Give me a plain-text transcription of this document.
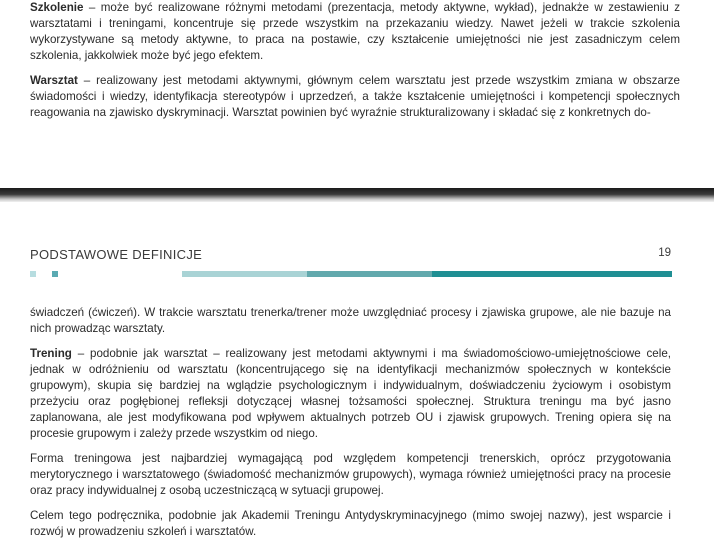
Szkolenie – może być realizowane różnymi metodami (prezentacja, metody aktywne, wykład), jednakże w zestawieniu z warsztatami i treningami, koncentruje się przede wszystkim na przekazaniu wiedzy. Nawet jeżeli w trakcie szkolenia wykorzystywane są metody aktywne, to praca na postawie, czy kształcenie umiejętności nie jest zasadniczym celem szkolenia, jakkolwiek może być jego efektem.

Warsztat – realizowany jest metodami aktywnymi, głównym celem warsztatu jest przede wszystkim zmiana w obszarze świadomości i wiedzy, identyfikacja stereotypów i uprzedzeń, a także kształcenie umiejętności i kompetencji społecznych reagowania na zjawisko dyskryminacji. Warsztat powinien być wyraźnie strukturalizowany i składać się z konkretnych do-

PODSTAWOWE DEFINICJE	19

świadczeń (ćwiczeń). W trakcie warsztatu trenerka/trener może uwzględniać procesy i zjawiska grupowe, ale nie bazuje na nich prowadząc warsztaty.

Trening – podobnie jak warsztat – realizowany jest metodami aktywnymi i ma świadomościowo-umiejętnościowe cele, jednak w odróżnieniu od warsztatu (koncentrującego się na identyfikacji mechanizmów społecznych w kontekście grupowym), skupia się bardziej na wglądzie psychologicznym i indywidualnym, doświadczeniu życiowym i osobistym przeżyciu oraz pogłębionej refleksji dotyczącej własnej tożsamości społecznej. Struktura treningu ma być jasno zaplanowana, ale jest modyfikowana pod wpływem aktualnych potrzeb OU i zjawisk grupowych. Trening opiera się na procesie grupowym i zależy przede wszystkim od niego.

Forma treningowa jest najbardziej wymagającą pod względem kompetencji trenerskich, oprócz przygotowania merytorycznego i warsztatowego (świadomość mechanizmów grupowych), wymaga również umiejętności pracy na procesie oraz pracy indywidualnej z osobą uczestniczącą w sytuacji grupowej.

Celem tego podręcznika, podobnie jak Akademii Treningu Antydyskryminacyjnego (mimo swojej nazwy), jest wsparcie i rozwój w prowadzeniu szkoleń i warsztatów.
